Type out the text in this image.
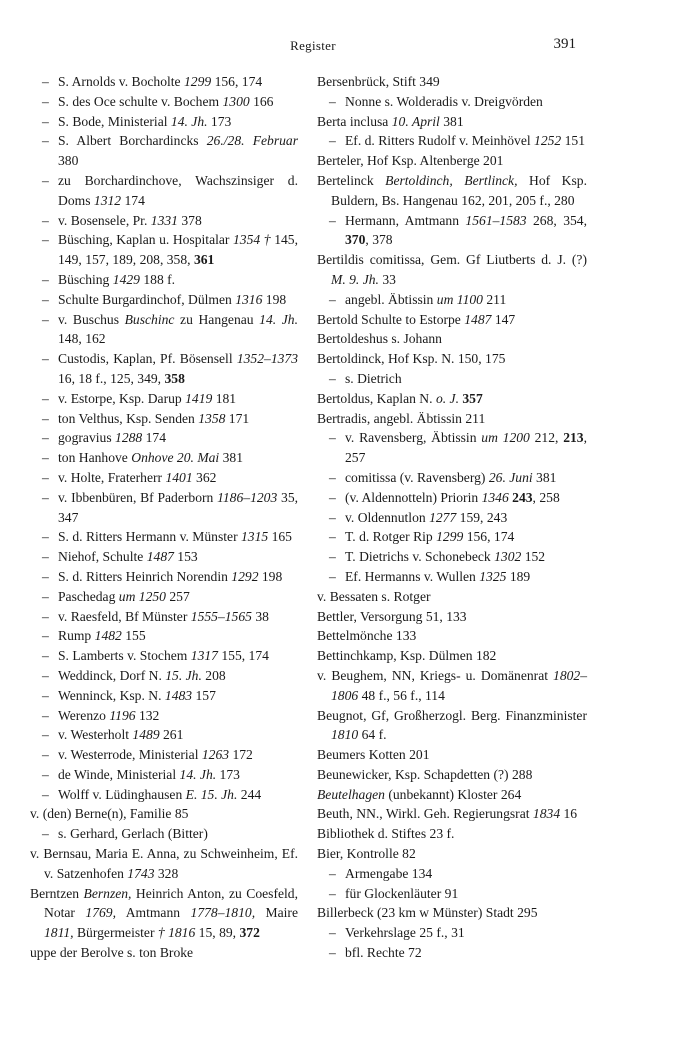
Register	391
– S. Arnolds v. Bocholte 1299 156, 174
– S. des Oce schulte v. Bochem 1300 166
– S. Bode, Ministerial 14. Jh. 173
– S. Albert Borchardincks 26./28. Februar 380
– zu Borchardinchove, Wachszinsiger d. Doms 1312 174
– v. Bosensele, Pr. 1331 378
– Büsching, Kaplan u. Hospitalar 1354 † 145, 149, 157, 189, 208, 358, 361
– Büsching 1429 188 f.
– Schulte Burgardinchof, Dülmen 1316 198
– v. Buschus Buschinc zu Hangenau 14. Jh. 148, 162
– Custodis, Kaplan, Pf. Bösensell 1352–1373 16, 18 f., 125, 349, 358
– v. Estorpe, Ksp. Darup 1419 181
– ton Velthus, Ksp. Senden 1358 171
– gogravius 1288 174
– ton Hanhove Onhove 20. Mai 381
– v. Holte, Fraterherr 1401 362
– v. Ibbenbüren, Bf Paderborn 1186–1203 35, 347
– S. d. Ritters Hermann v. Münster 1315 165
– Niehof, Schulte 1487 153
– S. d. Ritters Heinrich Norendin 1292 198
– Paschedag um 1250 257
– v. Raesfeld, Bf Münster 1555–1565 38
– Rump 1482 155
– S. Lamberts v. Stochem 1317 155, 174
– Weddinck, Dorf N. 15. Jh. 208
– Wenninck, Ksp. N. 1483 157
– Werenzo 1196 132
– v. Westerholt 1489 261
– v. Westerrode, Ministerial 1263 172
– de Winde, Ministerial 14. Jh. 173
– Wolff v. Lüdinghausen E. 15. Jh. 244
v. (den) Berne(n), Familie 85
– s. Gerhard, Gerlach (Bitter)
v. Bernsau, Maria E. Anna, zu Schweinheim, Ef. v. Satzenhofen 1743 328
Berntzen Bernzen, Heinrich Anton, zu Coesfeld, Notar 1769, Amtmann 1778–1810, Maire 1811, Bürgermeister † 1816 15, 89, 372
uppe der Berolve s. ton Broke
Bersenbrück, Stift 349
– Nonne s. Wolderadis v. Dreigvörden
Berta inclusa 10. April 381
– Ef. d. Ritters Rudolf v. Meinhövel 1252 151
Berteler, Hof Ksp. Altenberge 201
Bertelinck Bertoldinch, Bertlinck, Hof Ksp. Buldern, Bs. Hangenau 162, 201, 205 f., 280
– Hermann, Amtmann 1561–1583 268, 354, 370, 378
Bertildis comitissa, Gem. Gf Liutberts d. J. (?) M. 9. Jh. 33
– angebl. Äbtissin um 1100 211
Bertold Schulte to Estorpe 1487 147
Bertoldeshus s. Johann
Bertoldinck, Hof Ksp. N. 150, 175
– s. Dietrich
Bertoldus, Kaplan N. o. J. 357
Bertradis, angebl. Äbtissin 211
– v. Ravensberg, Äbtissin um 1200 212, 213, 257
– comitissa (v. Ravensberg) 26. Juni 381
– (v. Aldennotteln) Priorin 1346 243, 258
– v. Oldennutlon 1277 159, 243
– T. d. Rotger Rip 1299 156, 174
– T. Dietrichs v. Schonebeck 1302 152
– Ef. Hermanns v. Wullen 1325 189
v. Bessaten s. Rotger
Bettler, Versorgung 51, 133
Bettelmönche 133
Bettinchkamp, Ksp. Dülmen 182
v. Beughem, NN, Kriegs- u. Domänenrat 1802–1806 48 f., 56 f., 114
Beugnot, Gf, Großherzogl. Berg. Finanzminister 1810 64 f.
Beumers Kotten 201
Beunewicker, Ksp. Schapdetten (?) 288
Beutelhagen (unbekannt) Kloster 264
Beuth, NN., Wirkl. Geh. Regierungsrat 1834 16
Bibliothek d. Stiftes 23 f.
Bier, Kontrolle 82
– Armengabe 134
– für Glockenläuter 91
Billerbeck (23 km w Münster) Stadt 295
– Verkehrslage 25 f., 31
– bfl. Rechte 72
